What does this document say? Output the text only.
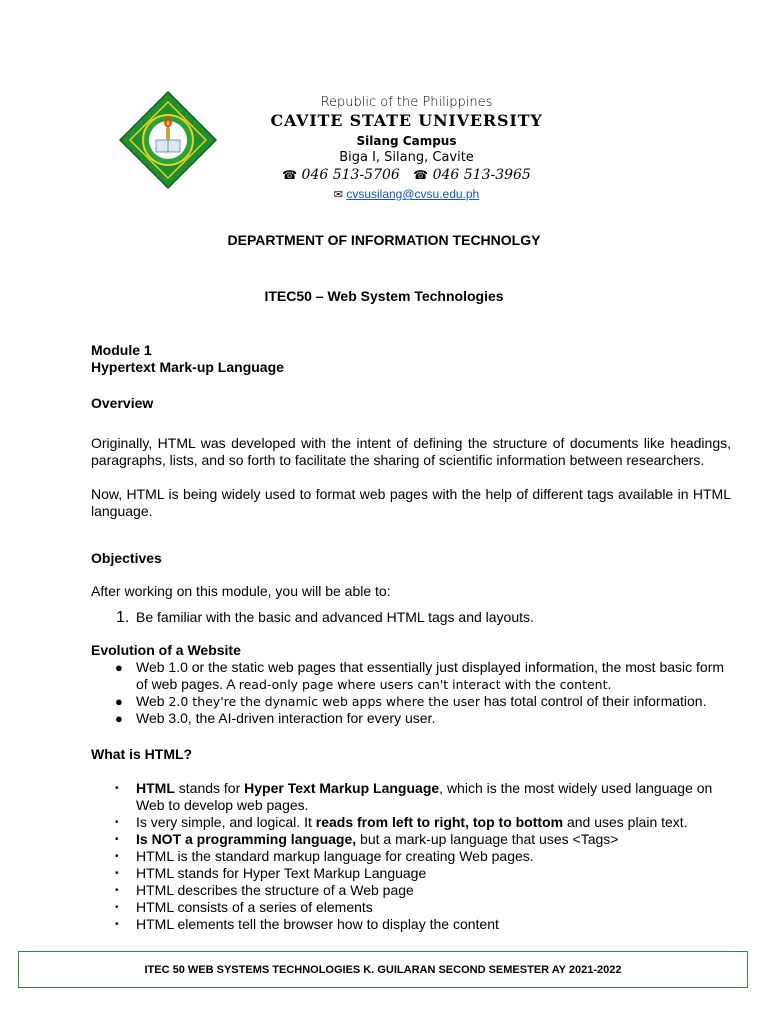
Republic of the Philippines
CAVITE STATE UNIVERSITY
Silang Campus
Biga I, Silang, Cavite
☎ 046 513-5706 ☎ 046 513-3965
✉ cvsusilang@cvsu.edu.ph
DEPARTMENT OF INFORMATION TECHNOLGY
ITEC50 – Web System Technologies
Module 1
Hypertext Mark-up Language
Overview
Originally, HTML was developed with the intent of defining the structure of documents like headings, paragraphs, lists, and so forth to facilitate the sharing of scientific information between researchers.
Now, HTML is being widely used to format web pages with the help of different tags available in HTML language.
Objectives
After working on this module, you will be able to:
1. Be familiar with the basic and advanced HTML tags and layouts.
Evolution of a Website
● Web 1.0 or the static web pages that essentially just displayed information, the most basic form of web pages. A read-only page where users can't interact with the content.
● Web 2.0 they're the dynamic web apps where the user has total control of their information.
● Web 3.0, the AI-driven interaction for every user.
What is HTML?
• HTML stands for Hyper Text Markup Language, which is the most widely used language on Web to develop web pages.
• Is very simple, and logical. It reads from left to right, top to bottom and uses plain text.
• Is NOT a programming language, but a mark-up language that uses <Tags>
• HTML is the standard markup language for creating Web pages.
• HTML stands for Hyper Text Markup Language
• HTML describes the structure of a Web page
• HTML consists of a series of elements
• HTML elements tell the browser how to display the content
ITEC 50 WEB SYSTEMS TECHNOLOGIES K. GUILARAN SECOND SEMESTER AY 2021-2022
